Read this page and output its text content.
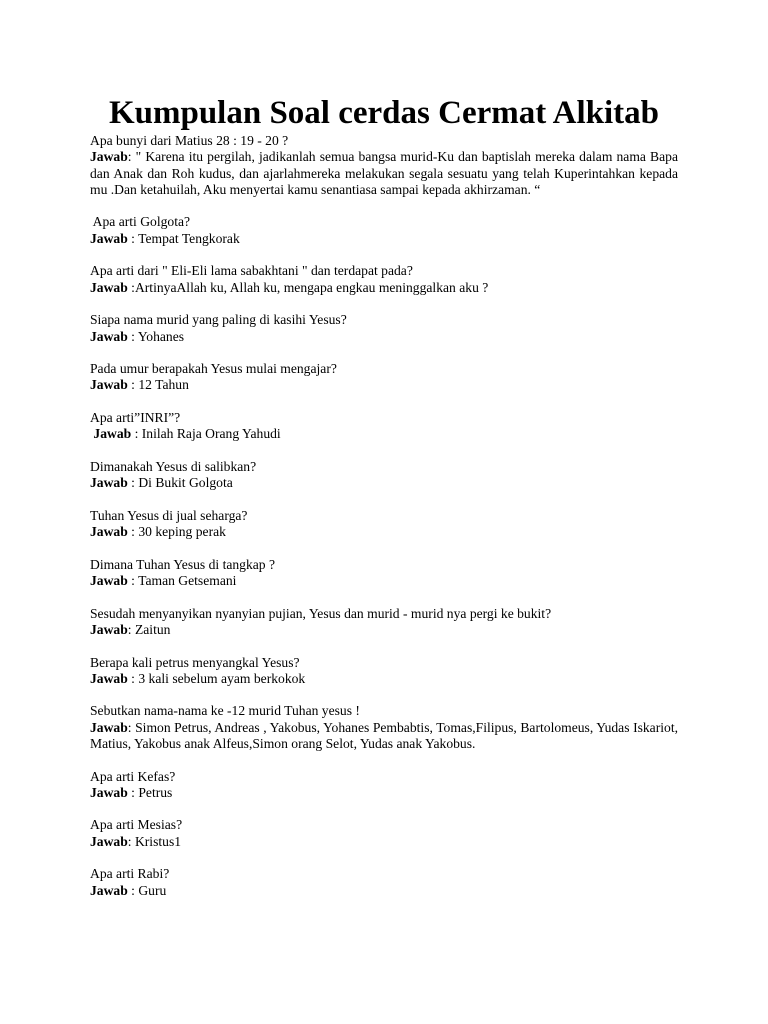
Kumpulan Soal cerdas Cermat Alkitab

Apa bunyi dari Matius 28 : 19 - 20 ?

Jawab: " Karena itu pergilah, jadikanlah semua bangsa murid-Ku dan baptislah mereka dalam nama Bapa dan Anak dan Roh kudus, dan ajarlahmereka melakukan segala sesuatu yang telah Kuperintahkan kepada mu .Dan ketahuilah, Aku menyertai kamu senantiasa sampai kepada akhirzaman. “

Apa arti Golgota?

Jawab : Tempat Tengkorak

Apa arti dari " Eli-Eli lama sabakhtani " dan terdapat pada?

Jawab :ArtinyaAllah ku, Allah ku, mengapa engkau meninggalkan aku ?

Siapa nama murid yang paling di kasihi Yesus?

Jawab : Yohanes

Pada umur berapakah Yesus mulai mengajar?

Jawab : 12 Tahun

Apa arti”INRI”?

Jawab : Inilah Raja Orang Yahudi

Dimanakah Yesus di salibkan?

Jawab : Di Bukit Golgota

Tuhan Yesus di jual seharga?

Jawab : 30 keping perak

Dimana Tuhan Yesus di tangkap ?

Jawab : Taman Getsemani

Sesudah menyanyikan nyanyian pujian, Yesus dan murid - murid nya pergi ke bukit?

Jawab: Zaitun

Berapa kali petrus menyangkal Yesus?

Jawab : 3 kali sebelum ayam berkokok

Sebutkan nama-nama ke -12 murid Tuhan yesus !

Jawab: Simon Petrus, Andreas , Yakobus, Yohanes Pembabtis, Tomas,Filipus, Bartolomeus, Yudas Iskariot, Matius, Yakobus anak Alfeus,Simon orang Selot, Yudas anak Yakobus.

Apa arti Kefas?

Jawab : Petrus

Apa arti Mesias?

Jawab: Kristus1

Apa arti Rabi?

Jawab : Guru
